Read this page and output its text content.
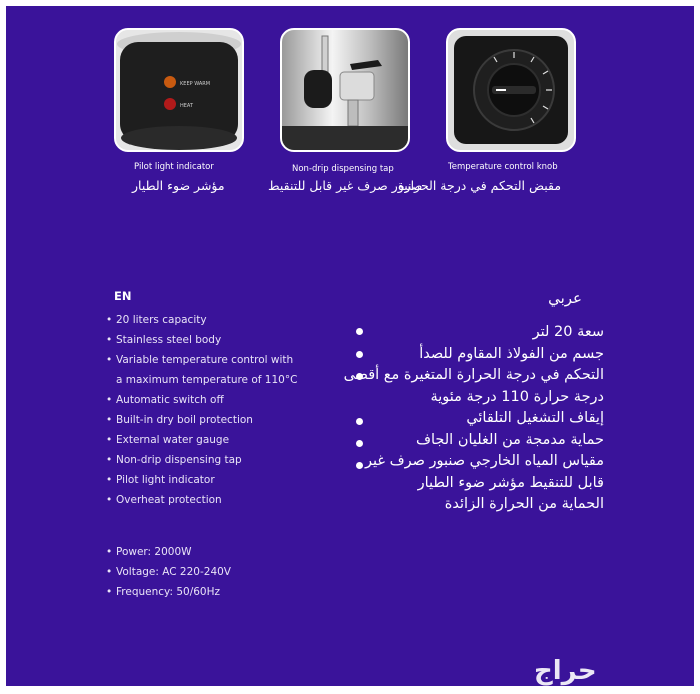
KEEP WARM
HEAT
Pilot light indicator	Non-drip dispensing tap	Temperature control knob
مؤشر ضوء الطيار	مقبض التحكم في درجة الحرارة
صنبور صرف غير قابل للتنقيط
EN
• 20 liters capacity
• Stainless steel body
• Variable temperature control with
a maximum temperature of 110°C
• Automatic switch off
• Built-in dry boil protection
• External water gauge
• Non-drip dispensing tap
• Pilot light indicator
• Overheat protection
• Power: 2000W
• Voltage: AC 220-240V
• Frequency: 50/60Hz
عربي
سعة 20 لتر
جسم من الفولاذ المقاوم للصدأ
التحكم في درجة الحرارة المتغيرة مع أقصى
درجة حرارة 110 درجة مئوية
إيقاف التشغيل التلقائي
حماية مدمجة من الغليان الجاف
مقياس المياه الخارجي صنبور صرف غير
قابل للتنقيط مؤشر ضوء الطيار
الحماية من الحرارة الزائدة
حراج
